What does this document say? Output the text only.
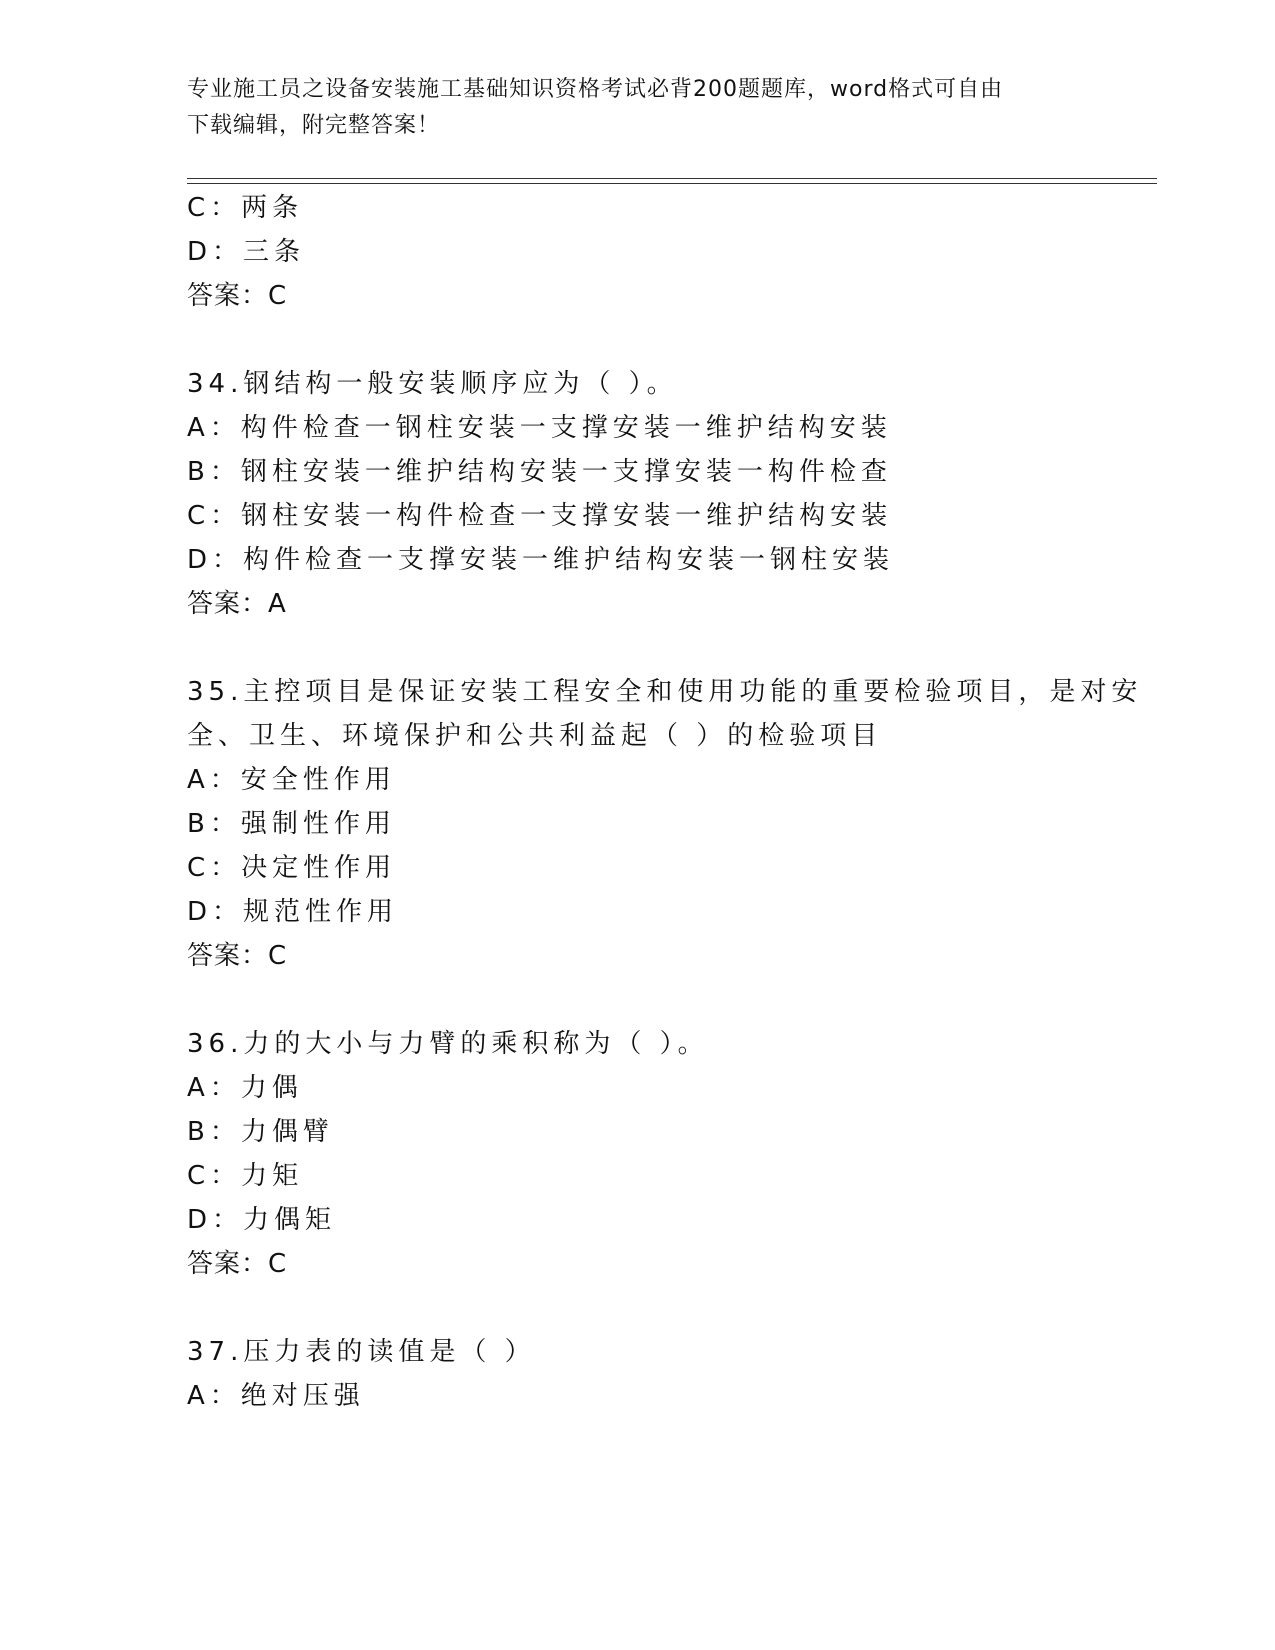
专业施工员之设备安装施工基础知识资格考试必背200题题库，word格式可自由
下载编辑，附完整答案！
C：两条
D：三条
答案：C
34.钢结构一般安装顺序应为（ ）。
A：构件检查一钢柱安装一支撑安装一维护结构安装
B：钢柱安装一维护结构安装一支撑安装一构件检查
C：钢柱安装一构件检查一支撑安装一维护结构安装
D：构件检查一支撑安装一维护结构安装一钢柱安装
答案：A
35.主控项目是保证安装工程安全和使用功能的重要检验项目，是对安
全、卫生、环境保护和公共利益起（ ）的检验项目
A：安全性作用
B：强制性作用
C：决定性作用
D：规范性作用
答案：C
36.力的大小与力臂的乘积称为（ ）。
A：力偶
B：力偶臂
C：力矩
D：力偶矩
答案：C
37.压力表的读值是（ ）
A：绝对压强
